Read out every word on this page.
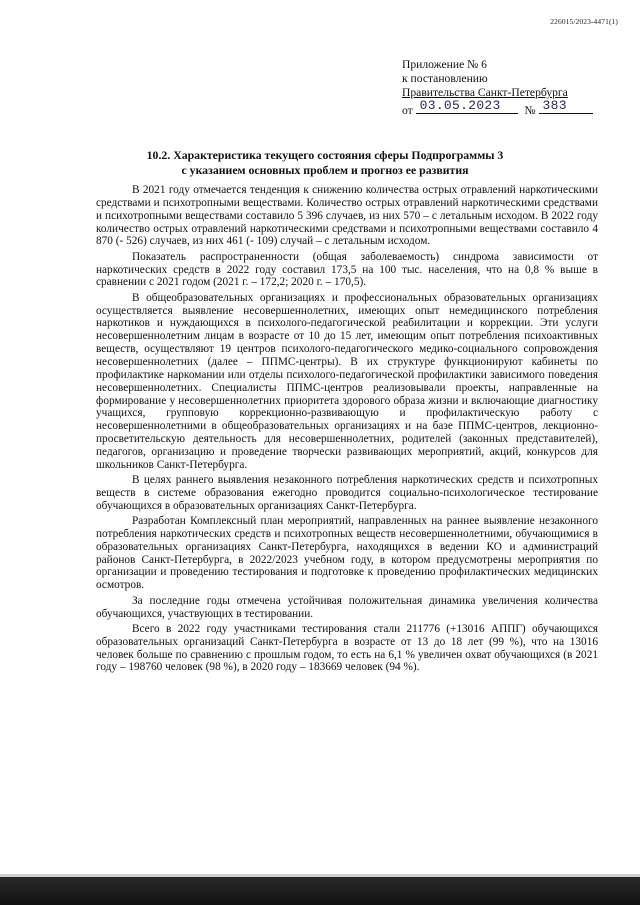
226015/2023-4471(1)
Приложение № 6
к постановлению
Правительства Санкт-Петербурга
от 03.05.2023 № 383
10.2. Характеристика текущего состояния сферы Подпрограммы 3
с указанием основных проблем и прогноз ее развития

В 2021 году отмечается тенденция к снижению количества острых отравлений наркотическими средствами и психотропными веществами. Количество острых отравлений наркотическими средствами и психотропными веществами составило 5 396 случаев, из них 570 – с летальным исходом. В 2022 году количество острых отравлений наркотическими средствами и психотропными веществами составило 4 870 (- 526) случаев, из них 461 (- 109) случай – с летальным исходом.

Показатель распространенности (общая заболеваемость) синдрома зависимости от наркотических средств в 2022 году составил 173,5 на 100 тыс. населения, что на 0,8 % выше в сравнении с 2021 годом (2021 г. – 172,2; 2020 г. – 170,5).

В общеобразовательных организациях и профессиональных образовательных организациях осуществляется выявление несовершеннолетних, имеющих опыт немедицинского потребления наркотиков и нуждающихся в психолого-педагогической реабилитации и коррекции. Эти услуги несовершеннолетним лицам в возрасте от 10 до 15 лет, имеющим опыт потребления психоактивных веществ, осуществляют 19 центров психолого-педагогического медико-социального сопровождения несовершеннолетних (далее – ППМС-центры). В их структуре функционируют кабинеты по профилактике наркомании или отделы психолого-педагогической профилактики зависимого поведения несовершеннолетних. Специалисты ППМС-центров реализовывали проекты, направленные на формирование у несовершеннолетних приоритета здорового образа жизни и включающие диагностику учащихся, групповую коррекционно-развивающую и профилактическую работу с несовершеннолетними в общеобразовательных организациях и на базе ППМС-центров, лекционно-просветительскую деятельность для несовершеннолетних, родителей (законных представителей), педагогов, организацию и проведение творчески развивающих мероприятий, акций, конкурсов для школьников Санкт-Петербурга.

В целях раннего выявления незаконного потребления наркотических средств и психотропных веществ в системе образования ежегодно проводится социально-психологическое тестирование обучающихся в образовательных организациях Санкт-Петербурга.

Разработан Комплексный план мероприятий, направленных на раннее выявление незаконного потребления наркотических средств и психотропных веществ несовершеннолетними, обучающимися в образовательных организациях Санкт-Петербурга, находящихся в ведении КО и администраций районов Санкт-Петербурга, в 2022/2023 учебном году, в котором предусмотрены мероприятия по организации и проведению тестирования и подготовке к проведению профилактических медицинских осмотров.

За последние годы отмечена устойчивая положительная динамика увеличения количества обучающихся, участвующих в тестировании.

Всего в 2022 году участниками тестирования стали 211776 (+13016 АППГ) обучающихся образовательных организаций Санкт-Петербурга в возрасте от 13 до 18 лет (99 %), что на 13016 человек больше по сравнению с прошлым годом, то есть на 6,1 % увеличен охват обучающихся (в 2021 году – 198760 человек (98 %), в 2020 году – 183669 человек (94 %).
